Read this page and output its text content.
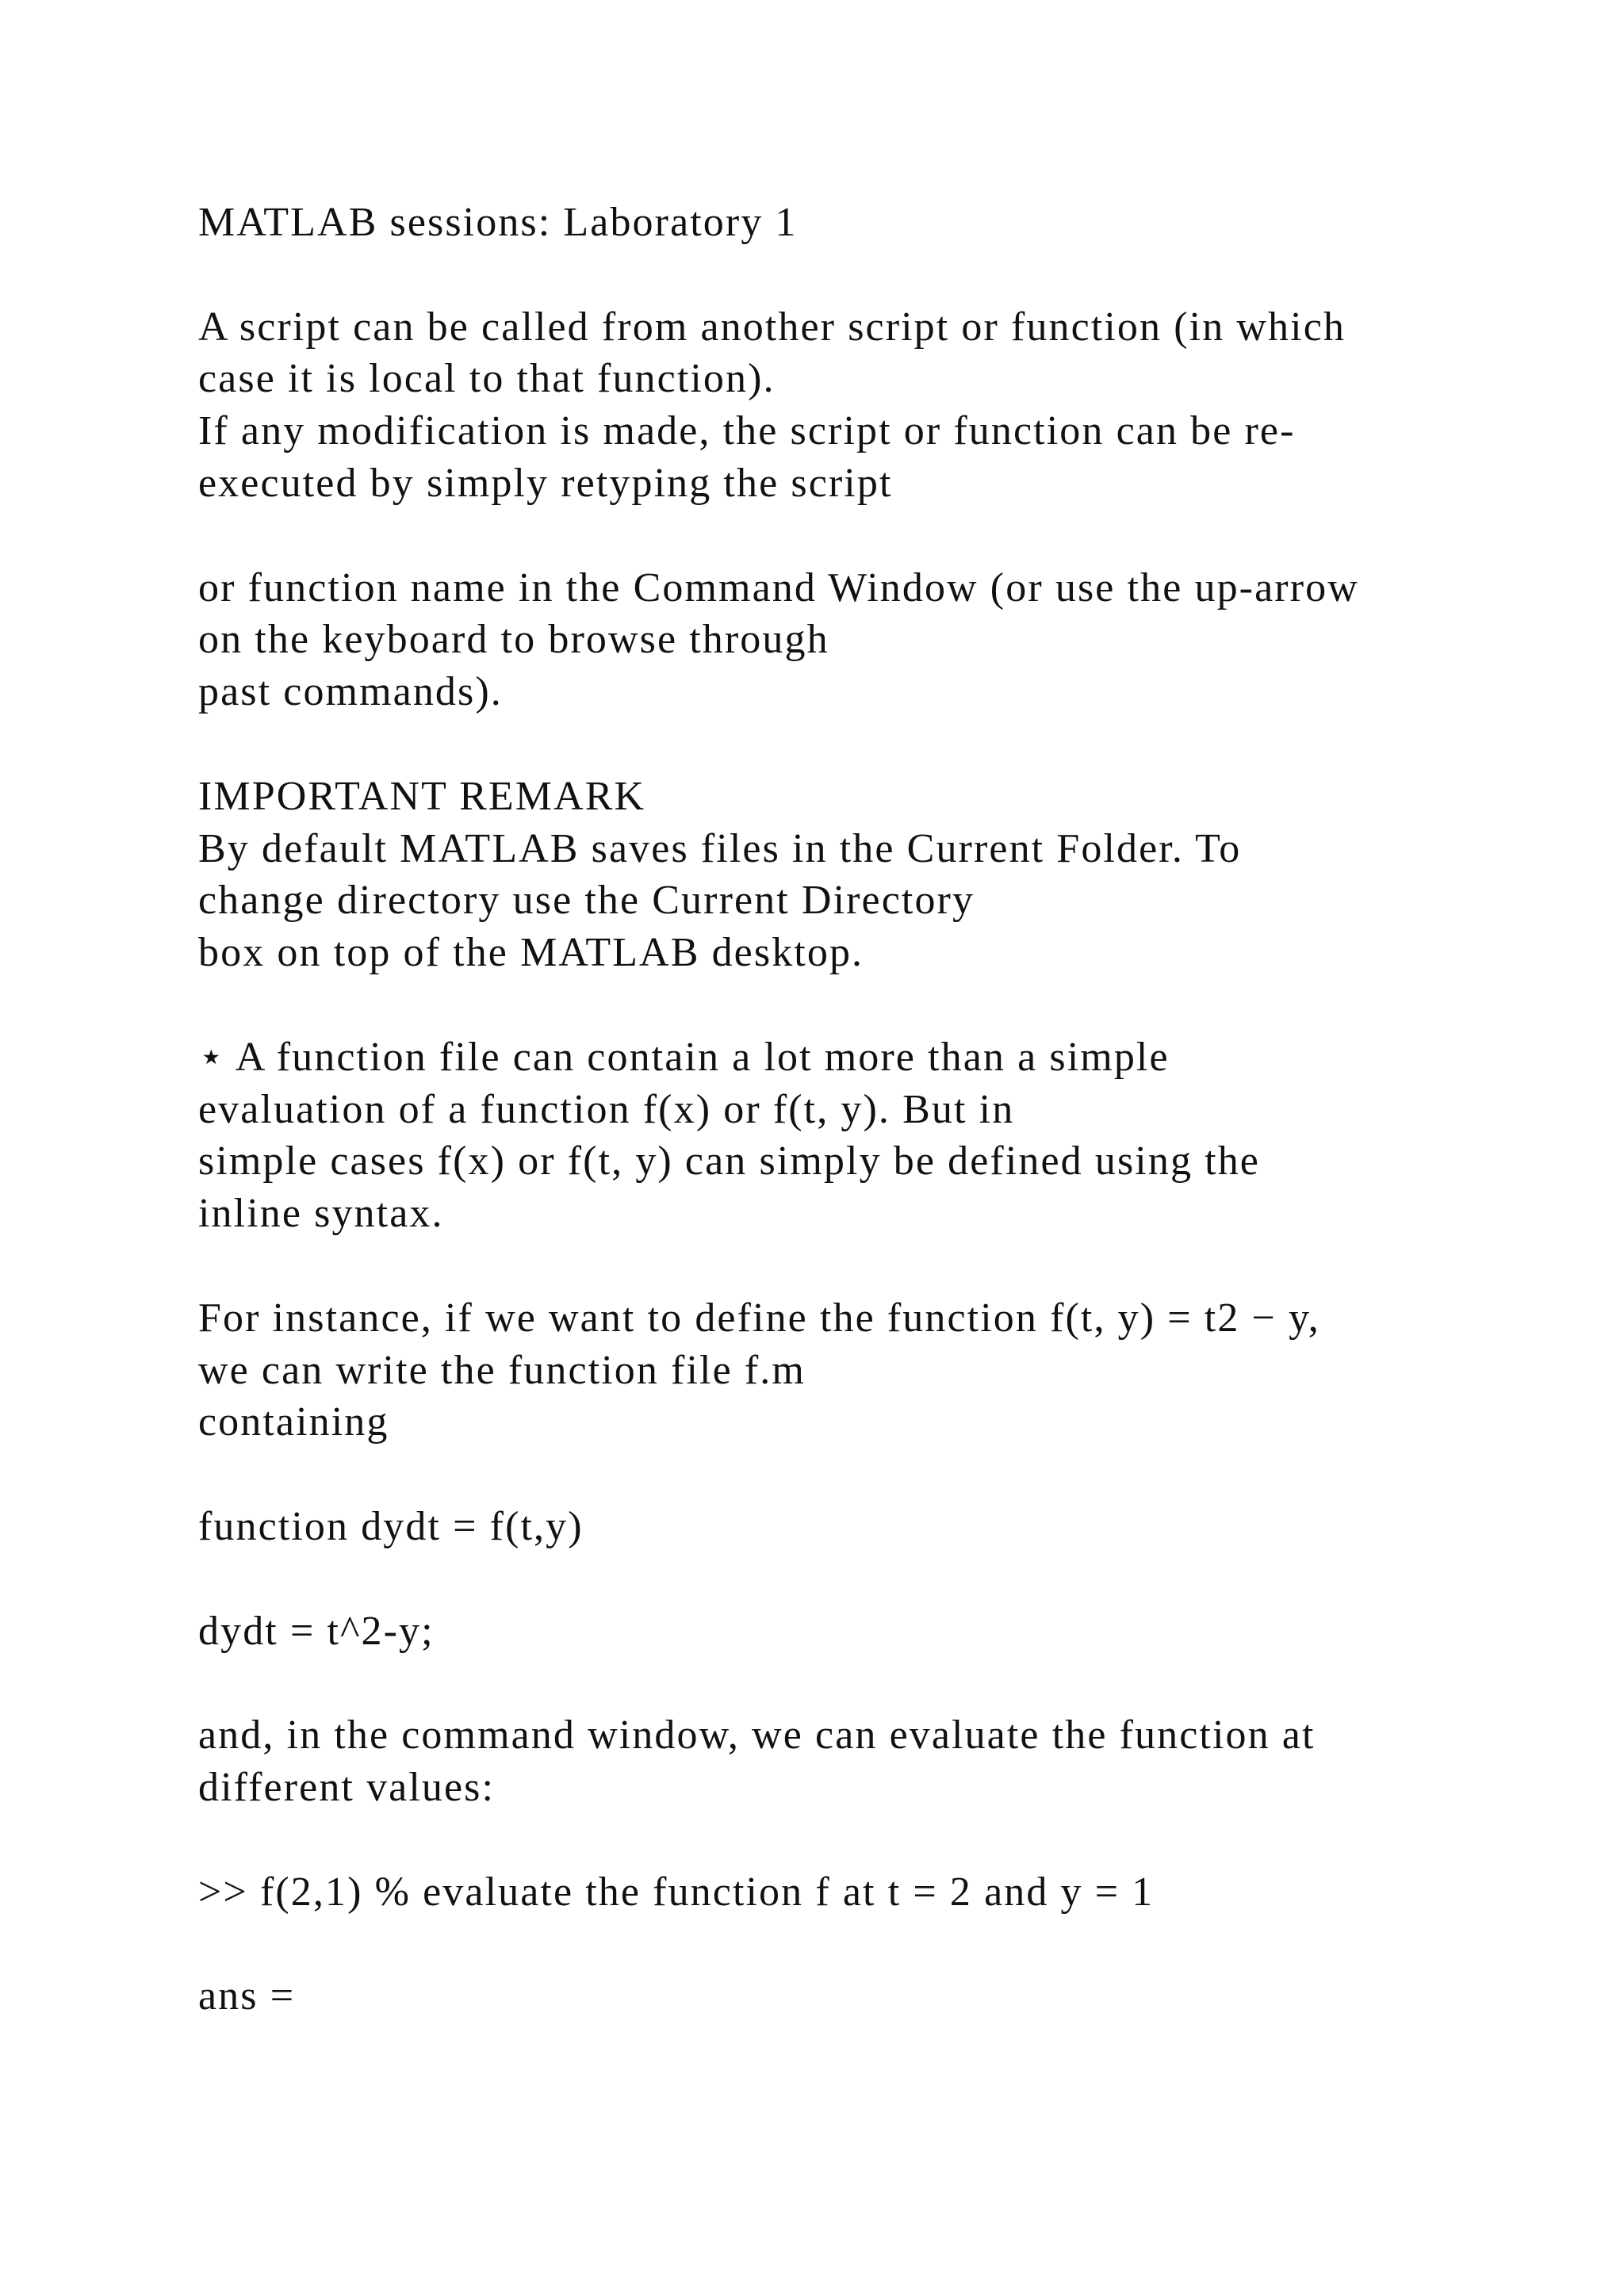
MATLAB sessions: Laboratory 1
A script can be called from another script or function (in which
case it is local to that function).
If any modification is made, the script or function can be re-
executed by simply retyping the script
or function name in the Command Window (or use the up-arrow
on the keyboard to browse through
past commands).
IMPORTANT REMARK
By default MATLAB saves files in the Current Folder. To
change directory use the Current Directory
box on top of the MATLAB desktop.
⋆ A function file can contain a lot more than a simple
evaluation of a function f(x) or f(t, y). But in
simple cases f(x) or f(t, y) can simply be defined using the
inline syntax.
For instance, if we want to define the function f(t, y) = t2 − y,
we can write the function file f.m
containing
function dydt = f(t,y)
dydt = t^2-y;
and, in the command window, we can evaluate the function at
different values:
>> f(2,1) % evaluate the function f at t = 2 and y = 1
ans =
